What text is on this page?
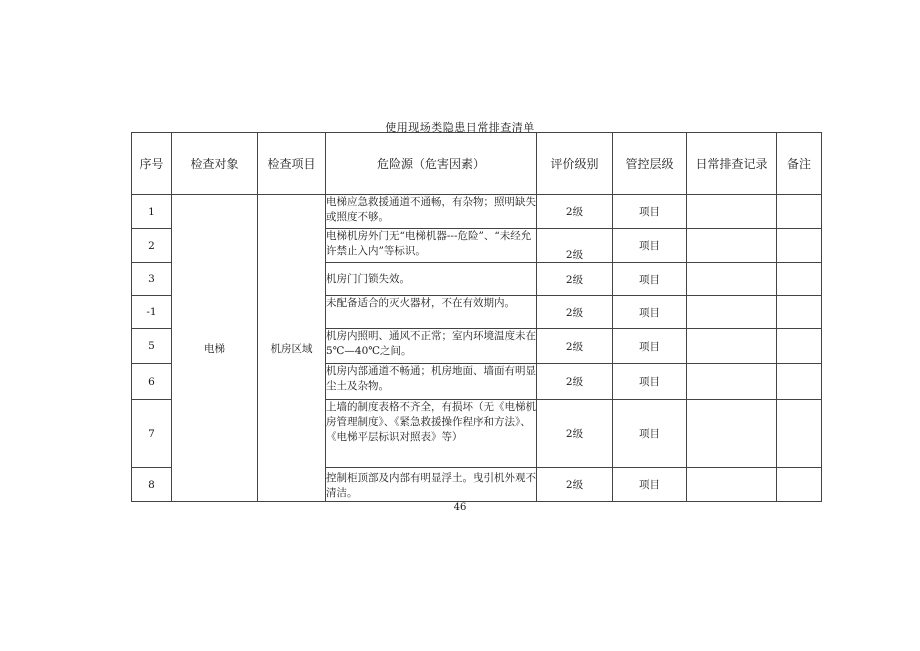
使用现场类隐患日常排查清单
序号	检查对象	检查项目	危险源（危害因素）	评价级别	管控层级	日常排查记录	备注
1	电梯	机房区域	电梯应急救援通道不通畅，有杂物；照明缺失或照度不够。	2级	项目		
2			电梯机房外门无“电梯机器---危险”、“未经允许禁止入内”等标识。	2级	项目		
3			机房门门锁失效。	2级	项目		
-1			未配备适合的灭火器材，不在有效期内。	2级	项目		
5			机房内照明、通风不正常；室内环境温度未在5℃—40℃之间。	2级	项目		
6			机房内部通道不畅通；机房地面、墙面有明显尘土及杂物。	2级	项目		
7			上墙的制度表格不齐全，有损坏（无《电梯机房管理制度》、《紧急救援操作程序和方法》、《电梯平层标识对照表》等）	2级	项目		
8			控制柜顶部及内部有明显浮土。曳引机外观不清洁。	2级	项目		
46
